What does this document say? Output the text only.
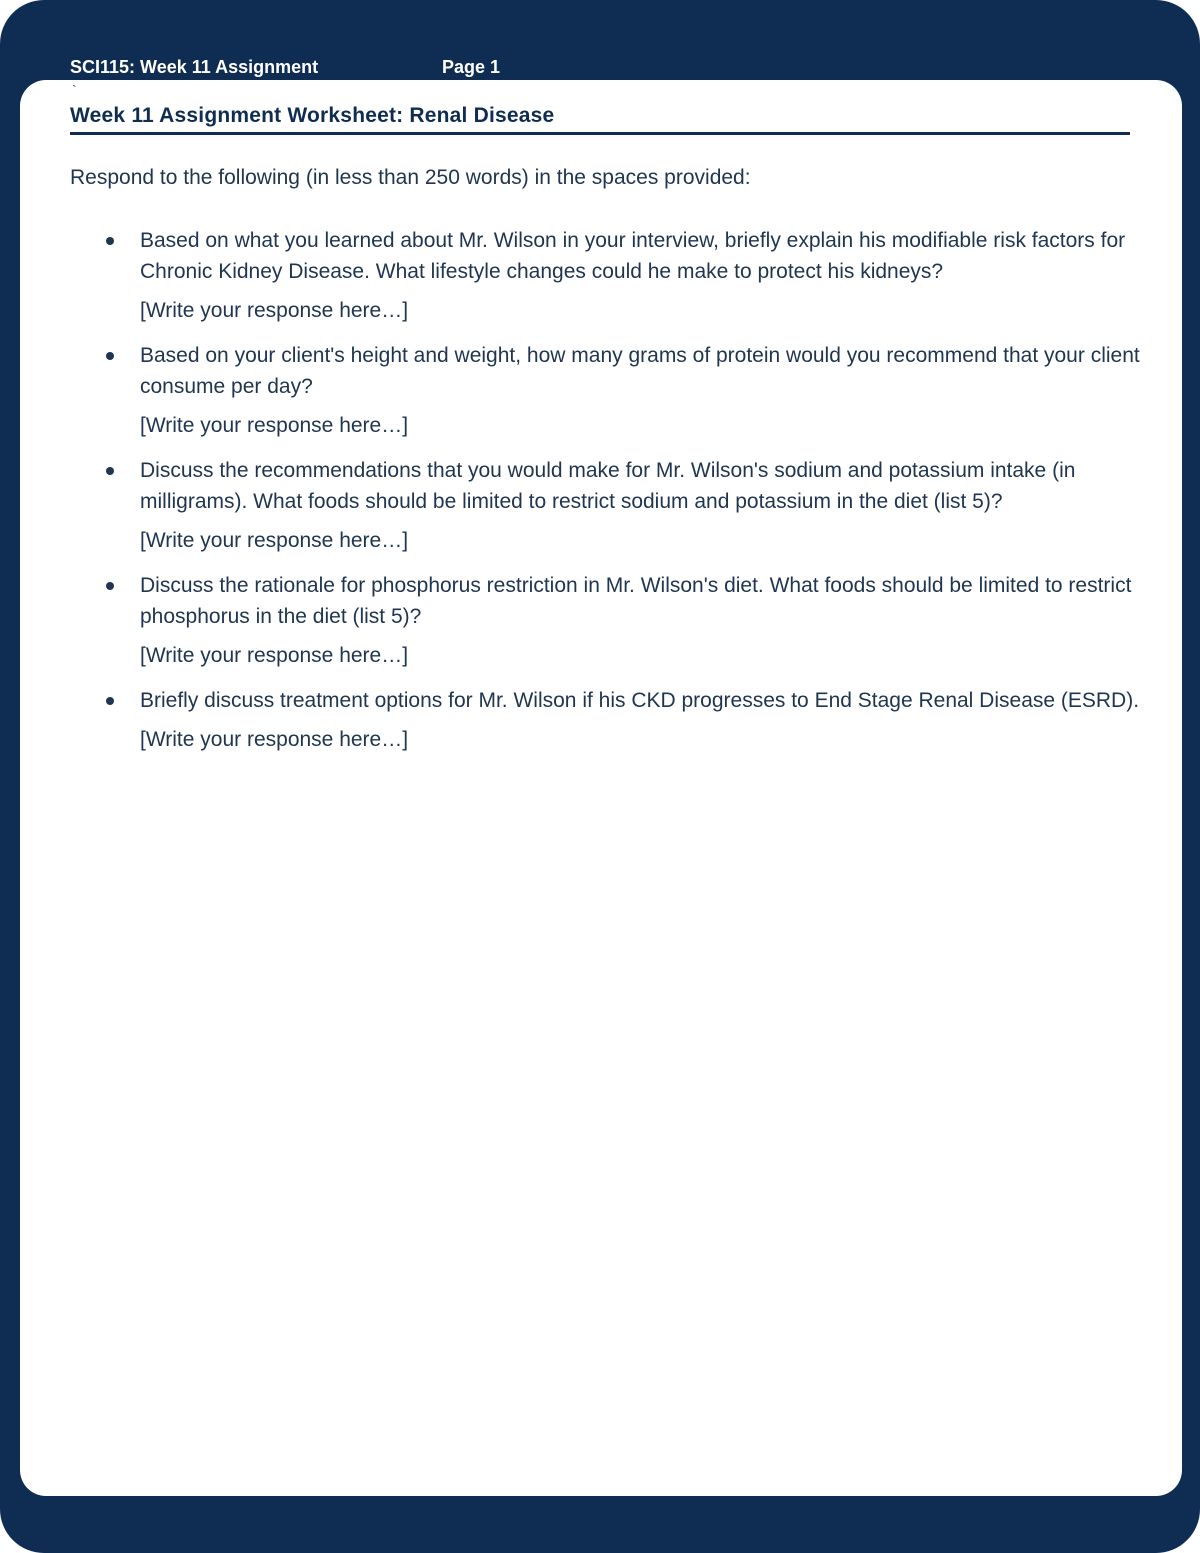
SCI115: Week 11 Assignment	Page 1
`
Week 11 Assignment Worksheet: Renal Disease

Respond to the following (in less than 250 words) in the spaces provided:

Based on what you learned about Mr. Wilson in your interview, briefly explain his modifiable risk factors for Chronic Kidney Disease. What lifestyle changes could he make to protect his kidneys?

[Write your response here…]

Based on your client's height and weight, how many grams of protein would you recommend that your client consume per day?

[Write your response here…]

Discuss the recommendations that you would make for Mr. Wilson's sodium and potassium intake (in milligrams). What foods should be limited to restrict sodium and potassium in the diet (list 5)?

[Write your response here…]

Discuss the rationale for phosphorus restriction in Mr. Wilson's diet. What foods should be limited to restrict phosphorus in the diet (list 5)?

[Write your response here…]

Briefly discuss treatment options for Mr. Wilson if his CKD progresses to End Stage Renal Disease (ESRD).

[Write your response here…]
